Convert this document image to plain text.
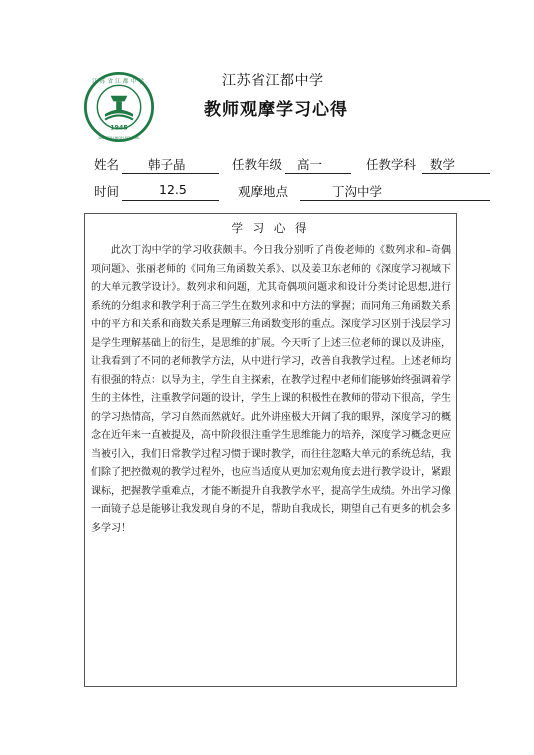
1945
江苏省江都中学
JIANGDU HIGH SCHOOL
江苏省江都中学
教师观摩学习心得
姓名 韩子晶	任教年级 高一	任教学科 数学
时间	12.5	观摩地点	丁沟中学
学 习 心 得

此次丁沟中学的学习收获颇丰。今日我分别听了肖俊老师的《数列求和–奇偶项问题》、张丽老师的《同角三角函数关系》、以及姜卫东老师的《深度学习视域下的大单元教学设计》。数列求和问题，尤其奇偶项问题求和设计分类讨论思想,进行系统的分组求和教学利于高三学生在数列求和中方法的掌握；而同角三角函数关系中的平方和关系和商数关系是理解三角函数变形的重点。深度学习区别于浅层学习是学生理解基础上的衍生，是思维的扩展。今天听了上述三位老师的课以及讲座，让我看到了不同的老师教学方法，从中进行学习，改善自我教学过程。上述老师均有很强的特点：以导为主，学生自主探索，在教学过程中老师们能够始终强调着学生的主体性，注重教学问题的设计，学生上课的积极性在教师的带动下很高，学生的学习热情高，学习自然而然就好。此外讲座极大开阔了我的眼界，深度学习的概念在近年来一直被提及，高中阶段很注重学生思维能力的培养，深度学习概念更应当被引入，我们日常教学过程习惯于课时教学，而往往忽略大单元的系统总结，我们除了把控微观的教学过程外，也应当适度从更加宏观角度去进行教学设计，紧跟课标，把握教学重难点，才能不断提升自我教学水平，提高学生成绩。外出学习像一面镜子总是能够让我发现自身的不足，帮助自我成长，期望自己有更多的机会多多学习！
